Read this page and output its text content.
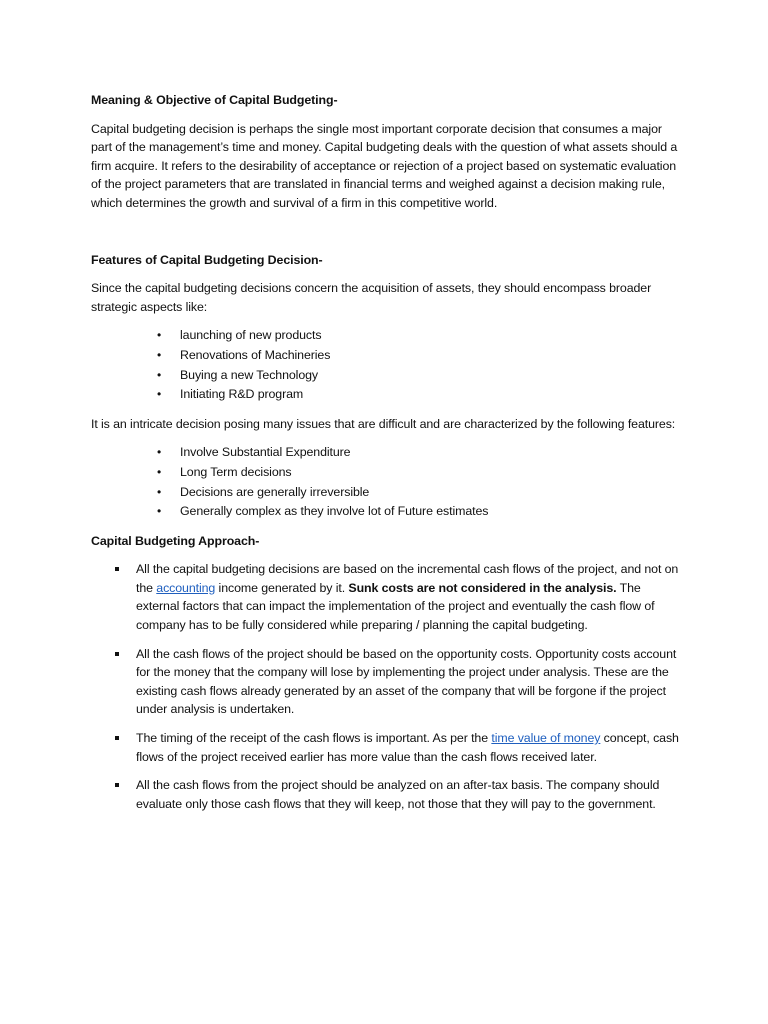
Meaning & Objective of Capital Budgeting-
Capital budgeting decision is perhaps the single most important corporate decision that consumes a major part of the management’s time and money. Capital budgeting deals with the question of what assets should a firm acquire. It refers to the desirability of acceptance or rejection of a project based on systematic evaluation of the project parameters that are translated in financial terms and weighed against a decision making rule, which determines the growth and survival of a firm in this competitive world.
Features of Capital Budgeting Decision-
Since the capital budgeting decisions concern the acquisition of assets, they should encompass broader strategic aspects like:
• launching of new products
• Renovations of Machineries
• Buying a new Technology
• Initiating R&D program
It is an intricate decision posing many issues that are difficult and are characterized by the following features:
• Involve Substantial Expenditure
• Long Term decisions
• Decisions are generally irreversible
• Generally complex as they involve lot of Future estimates
Capital Budgeting Approach-
All the capital budgeting decisions are based on the incremental cash flows of the project, and not on the accounting income generated by it. Sunk costs are not considered in the analysis. The external factors that can impact the implementation of the project and eventually the cash flow of company has to be fully considered while preparing / planning the capital budgeting.
All the cash flows of the project should be based on the opportunity costs. Opportunity costs account for the money that the company will lose by implementing the project under analysis. These are the existing cash flows already generated by an asset of the company that will be forgone if the project under analysis is undertaken.
The timing of the receipt of the cash flows is important. As per the time value of money concept, cash flows of the project received earlier has more value than the cash flows received later.
All the cash flows from the project should be analyzed on an after-tax basis. The company should evaluate only those cash flows that they will keep, not those that they will pay to the government.
